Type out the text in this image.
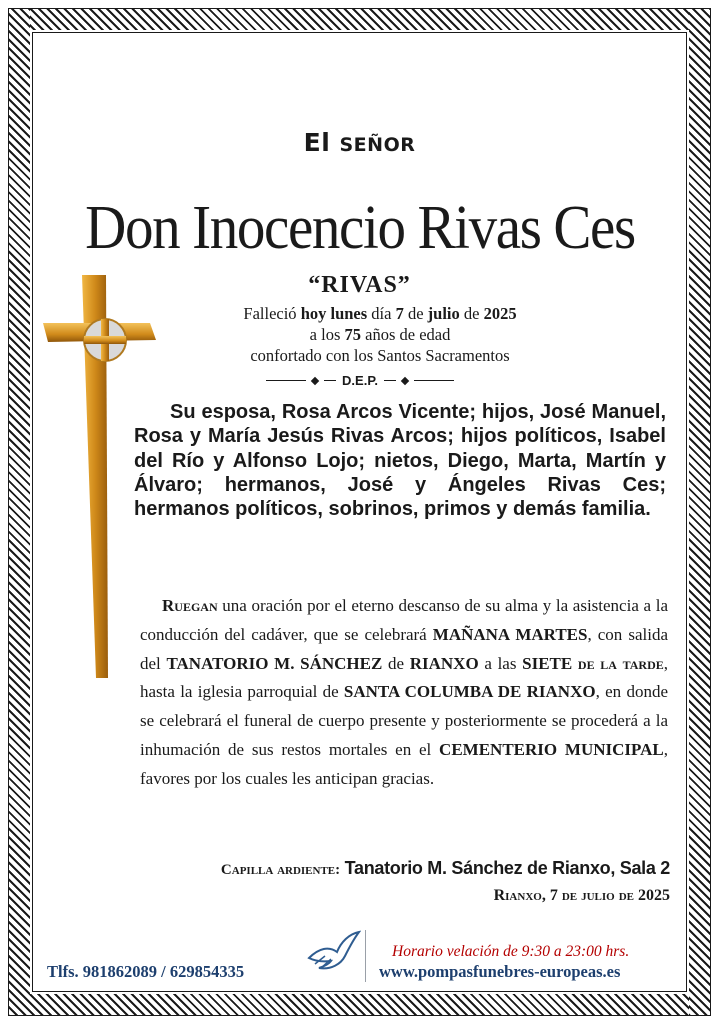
El SEÑOR
Don Inocencio Rivas Ces
“RIVAS”
Falleció hoy lunes día 7 de julio de 2025
a los 75 años de edad
confortado con los Santos Sacramentos
D.E.P.
Su esposa, Rosa Arcos Vicente; hijos, José Manuel, Rosa y María Jesús Rivas Arcos; hijos políticos, Isabel del Río y Alfonso Lojo; nietos, Diego, Marta, Martín y Álvaro; hermanos, José y Ángeles Rivas Ces; hermanos políticos, sobrinos, primos y demás familia.
Ruegan una oración por el eterno descanso de su alma y la asistencia a la conducción del cadáver, que se celebrará MAÑANA MARTES, con salida del TANATORIO M. SÁNCHEZ de RIANXO a las SIETE de la tarde, hasta la iglesia parroquial de SANTA COLUMBA DE RIANXO, en donde se celebrará el funeral de cuerpo presente y posteriormente se procederá a la inhumación de sus restos mortales en el CEMENTERIO MUNICIPAL, favores por los cuales les anticipan gracias.
Capilla ardiente: Tanatorio M. Sánchez de Rianxo, Sala 2
Rianxo, 7 de julio de 2025
Horario velación de 9:30 a 23:00 hrs.
Tlfs. 981862089 / 629854335	www.pompasfunebres-europeas.es
